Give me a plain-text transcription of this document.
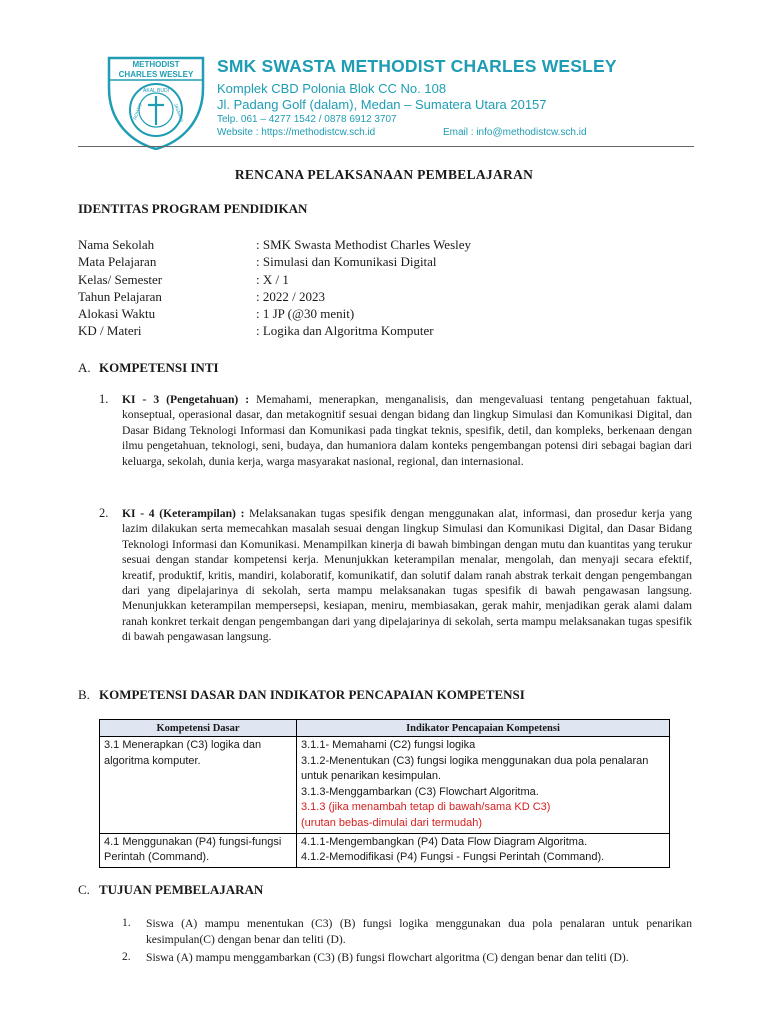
METHODIST
CHARLES WESLEY
AKAL BUDI
ROHANI	JASMANI
SMK SWASTA METHODIST CHARLES WESLEY
Komplek CBD Polonia Blok CC No. 108
Jl. Padang Golf (dalam), Medan – Sumatera Utara 20157
Telp. 061 – 4277 1542 / 0878 6912 3707
Website : https://methodistcw.sch.id	Email : info@methodistcw.sch.id
RENCANA PELAKSANAAN PEMBELAJARAN
IDENTITAS PROGRAM PENDIDIKAN
Nama Sekolah	: SMK Swasta Methodist Charles Wesley
Mata Pelajaran	: Simulasi dan Komunikasi Digital
Kelas/ Semester	: X / 1
Tahun Pelajaran	: 2022 / 2023
Alokasi Waktu	: 1 JP (@30 menit)
KD / Materi	: Logika dan Algoritma Komputer
A. KOMPETENSI INTI
1. KI - 3 (Pengetahuan) : Memahami, menerapkan, menganalisis, dan mengevaluasi tentang pengetahuan faktual, konseptual, operasional dasar, dan metakognitif sesuai dengan bidang dan lingkup Simulasi dan Komunikasi Digital, dan Dasar Bidang Teknologi Informasi dan Komunikasi pada tingkat teknis, spesifik, detil, dan kompleks, berkenaan dengan ilmu pengetahuan, teknologi, seni, budaya, dan humaniora dalam konteks pengembangan potensi diri sebagai bagian dari keluarga, sekolah, dunia kerja, warga masyarakat nasional, regional, dan internasional.
2. KI - 4 (Keterampilan) : Melaksanakan tugas spesifik dengan menggunakan alat, informasi, dan prosedur kerja yang lazim dilakukan serta memecahkan masalah sesuai dengan lingkup Simulasi dan Komunikasi Digital, dan Dasar Bidang Teknologi Informasi dan Komunikasi. Menampilkan kinerja di bawah bimbingan dengan mutu dan kuantitas yang terukur sesuai dengan standar kompetensi kerja. Menunjukkan keterampilan menalar, mengolah, dan menyaji secara efektif, kreatif, produktif, kritis, mandiri, kolaboratif, komunikatif, dan solutif dalam ranah abstrak terkait dengan pengembangan dari yang dipelajarinya di sekolah, serta mampu melaksanakan tugas spesifik di bawah pengawasan langsung. Menunjukkan keterampilan mempersepsi, kesiapan, meniru, membiasakan, gerak mahir, menjadikan gerak alami dalam ranah konkret terkait dengan pengembangan dari yang dipelajarinya di sekolah, serta mampu melaksanakan tugas spesifik di bawah pengawasan langsung.
B. KOMPETENSI DASAR DAN INDIKATOR PENCAPAIAN KOMPETENSI
Kompetensi Dasar	Indikator Pencapaian Kompetensi
3.1 Menerapkan (C3) logika dan algoritma komputer.	3.1.1- Memahami (C2) fungsi logika
3.1.2-Menentukan (C3) fungsi logika menggunakan dua pola penalaran untuk penarikan kesimpulan.
3.1.3-Menggambarkan (C3) Flowchart Algoritma.
3.1.3 (jika menambah tetap di bawah/sama KD C3)
(urutan bebas-dimulai dari termudah)

4.1 Menggunakan (P4) fungsi-fungsi Perintah (Command).	4.1.1-Mengembangkan (P4) Data Flow Diagram Algoritma.
4.1.2-Memodifikasi (P4) Fungsi - Fungsi Perintah (Command).
C. TUJUAN PEMBELAJARAN
1. Siswa (A) mampu menentukan (C3) (B) fungsi logika menggunakan dua pola penalaran untuk penarikan kesimpulan(C) dengan benar dan teliti (D).
2. Siswa (A) mampu menggambarkan (C3) (B) fungsi flowchart algoritma (C) dengan benar dan teliti (D).
